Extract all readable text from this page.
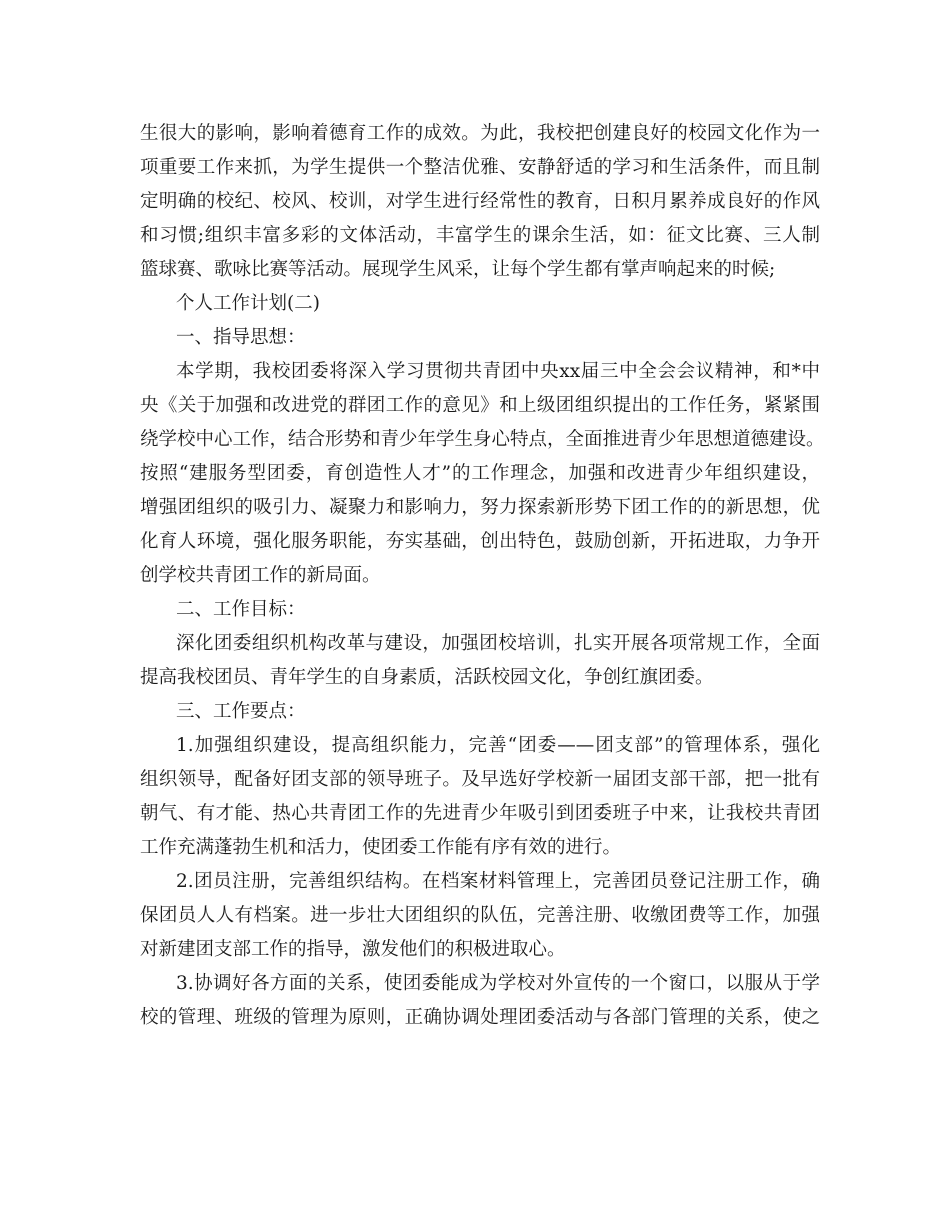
生很大的影响，影响着德育工作的成效。为此，我校把创建良好的校园文化作为一
项重要工作来抓，为学生提供一个整洁优雅、安静舒适的学习和生活条件，而且制
定明确的校纪、校风、校训，对学生进行经常性的教育，日积月累养成良好的作风
和习惯;组织丰富多彩的文体活动，丰富学生的课余生活，如：征文比赛、三人制
篮球赛、歌咏比赛等活动。展现学生风采，让每个学生都有掌声响起来的时候;
个人工作计划(二)
一、指导思想：
本学期，我校团委将深入学习贯彻共青团中央xx届三中全会会议精神，和*中
央《关于加强和改进党的群团工作的意见》和上级团组织提出的工作任务，紧紧围
绕学校中心工作，结合形势和青少年学生身心特点，全面推进青少年思想道德建设。
按照“建服务型团委，育创造性人才”的工作理念，加强和改进青少年组织建设，
增强团组织的吸引力、凝聚力和影响力，努力探索新形势下团工作的的新思想，优
化育人环境，强化服务职能，夯实基础，创出特色，鼓励创新，开拓进取，力争开
创学校共青团工作的新局面。
二、工作目标：
深化团委组织机构改革与建设，加强团校培训，扎实开展各项常规工作，全面
提高我校团员、青年学生的自身素质，活跃校园文化，争创红旗团委。
三、工作要点：
1.加强组织建设，提高组织能力，完善“团委——团支部”的管理体系，强化
组织领导，配备好团支部的领导班子。及早选好学校新一届团支部干部，把一批有
朝气、有才能、热心共青团工作的先进青少年吸引到团委班子中来，让我校共青团
工作充满蓬勃生机和活力，使团委工作能有序有效的进行。
2.团员注册，完善组织结构。在档案材料管理上，完善团员登记注册工作，确
保团员人人有档案。进一步壮大团组织的队伍，完善注册、收缴团费等工作，加强
对新建团支部工作的指导，激发他们的积极进取心。
3.协调好各方面的关系，使团委能成为学校对外宣传的一个窗口，以服从于学
校的管理、班级的管理为原则，正确协调处理团委活动与各部门管理的关系，使之
